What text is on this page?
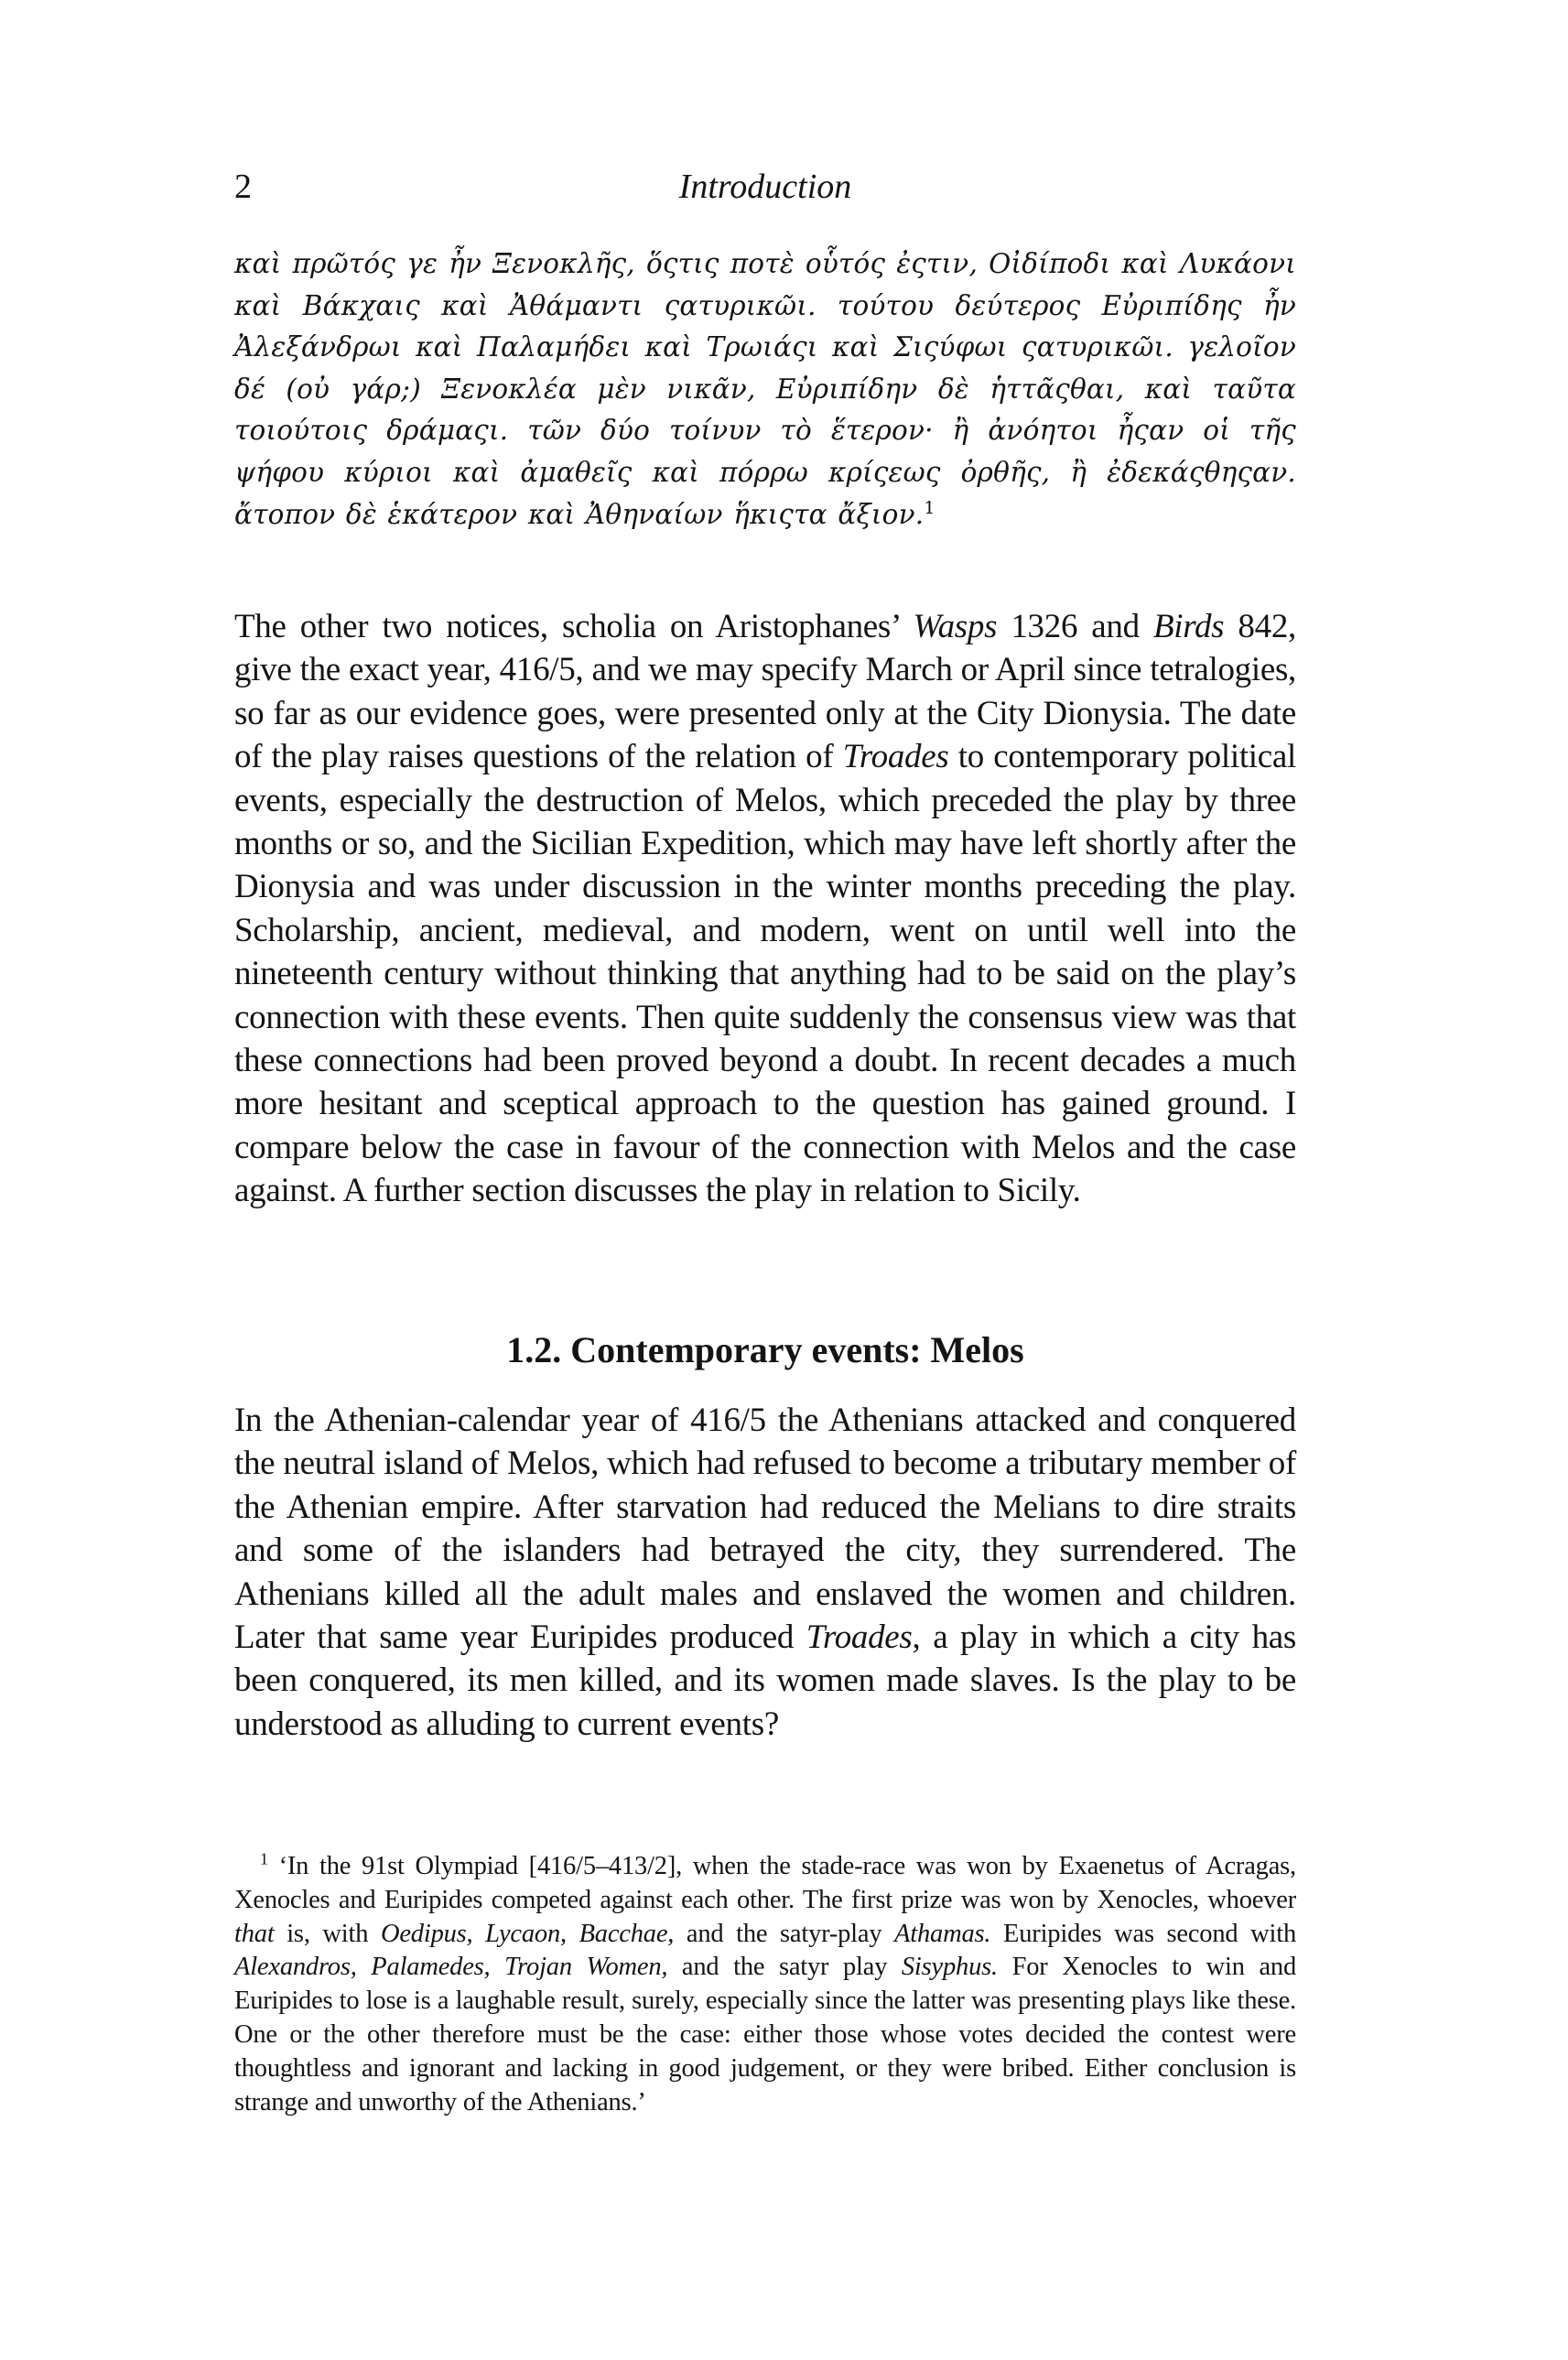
2	Introduction

καὶ πρῶτός γε ἦν Ξενοκλῆς, ὅςτις ποτὲ οὗτός ἐςτιν, Οἰδίποδι καὶ Λυκάονι καὶ Βάκχαις καὶ Ἀθάμαντι ςατυρικῶι. τούτου δεύτερος Εὐριπίδης ἦν Ἀλεξάνδρωι καὶ Παλαμήδει καὶ Τρωιάςι καὶ Σιςύφωι ςατυρικῶι. γελοῖον δέ (οὐ γάρ;) Ξενοκλέα μὲν νικᾶν, Εὐριπίδην δὲ ἡττᾶςθαι, καὶ ταῦτα τοιούτοις δράμαςι. τῶν δύο τοίνυν τὸ ἕτερον· ἢ ἀνόητοι ἦςαν οἱ τῆς ψήφου κύριοι καὶ ἀμαθεῖς καὶ πόρρω κρίςεως ὀρθῆς, ἢ ἐδεκάςθηςαν. ἄτοπον δὲ ἑκάτερον καὶ Ἀθηναίων ἥκιςτα ἄξιον.$^1$

The other two notices, scholia on Aristophanes’ Wasps 1326 and Birds 842, give the exact year, 416/5, and we may specify March or April since tetralogies, so far as our evidence goes, were presented only at the City Dionysia. The date of the play raises questions of the relation of Troades to contemporary political events, especially the destruction of Melos, which preceded the play by three months or so, and the Sicilian Expedition, which may have left shortly after the Dionysia and was under discussion in the winter months preceding the play. Scholarship, ancient, medieval, and modern, went on until well into the nineteenth century without thinking that anything had to be said on the play’s connection with these events. Then quite suddenly the consensus view was that these connections had been proved beyond a doubt. In recent decades a much more hesitant and sceptical approach to the question has gained ground. I compare below the case in favour of the connection with Melos and the case against. A further section discusses the play in relation to Sicily.

1.2. Contemporary events: Melos

In the Athenian-calendar year of 416/5 the Athenians attacked and conquered the neutral island of Melos, which had refused to become a tributary member of the Athenian empire. After starvation had reduced the Melians to dire straits and some of the islanders had betrayed the city, they surrendered. The Athenians killed all the adult males and enslaved the women and children. Later that same year Euripides produced Troades, a play in which a city has been conquered, its men killed, and its women made slaves. Is the play to be understood as alluding to current events?

$^1$ ‘In the 91st Olympiad [416/5–413/2], when the stade-race was won by Exaenetus of Acragas, Xenocles and Euripides competed against each other. The first prize was won by Xenocles, whoever that is, with Oedipus, Lycaon, Bacchae, and the satyr-play Athamas. Euripides was second with Alexandros, Palamedes, Trojan Women, and the satyr play Sisyphus. For Xenocles to win and Euripides to lose is a laughable result, surely, especially since the latter was presenting plays like these. One or the other therefore must be the case: either those whose votes decided the contest were thoughtless and ignorant and lacking in good judgement, or they were bribed. Either conclusion is strange and unworthy of the Athenians.’
